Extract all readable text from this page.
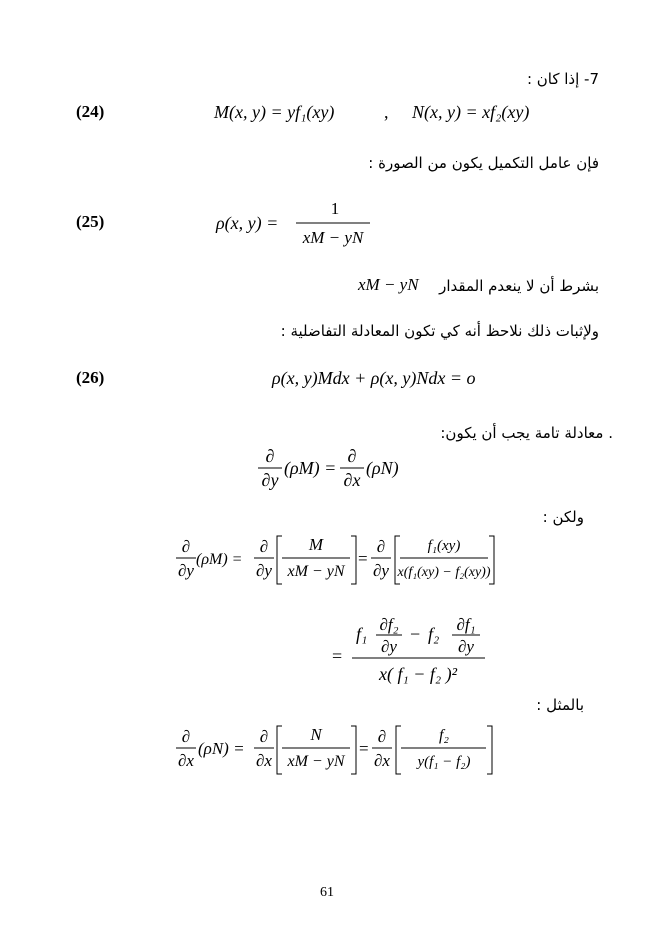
7- إذا كان :
(24)	M(x, y) = yf₁(xy)	, N(x, y) = xf₂(xy)
فإن عامل التكميل يكون من الصورة :
(25)	ρ(x, y) =
1
xM − yN
بشرط أن لا ينعدم المقدار
xM − yN
ولإثبات ذلك نلاحظ أنه كي تكون المعادلة التفاضلية :
(26)	ρ(x, y)Mdx + ρ(x, y)Ndx = o
. معادلة تامة يجب أن يكون:
∂
∂y
(ρM) =
∂
∂x
(ρN)
ولكن :
∂
∂y
(ρM) =
∂
∂y
M
xM − yN
=
∂
∂y
f₁(xy)
x(f₁(xy) − f₂(xy))
=
f₁ ∂f₂
∂y
− f₂ ∂f₁
∂y
x( f₁ − f₂ )²
بالمثل :
∂
∂x
(ρN) =
∂
∂x
N
xM − yN
=
∂
∂x
f₂
y(f₁ − f₂)
61
